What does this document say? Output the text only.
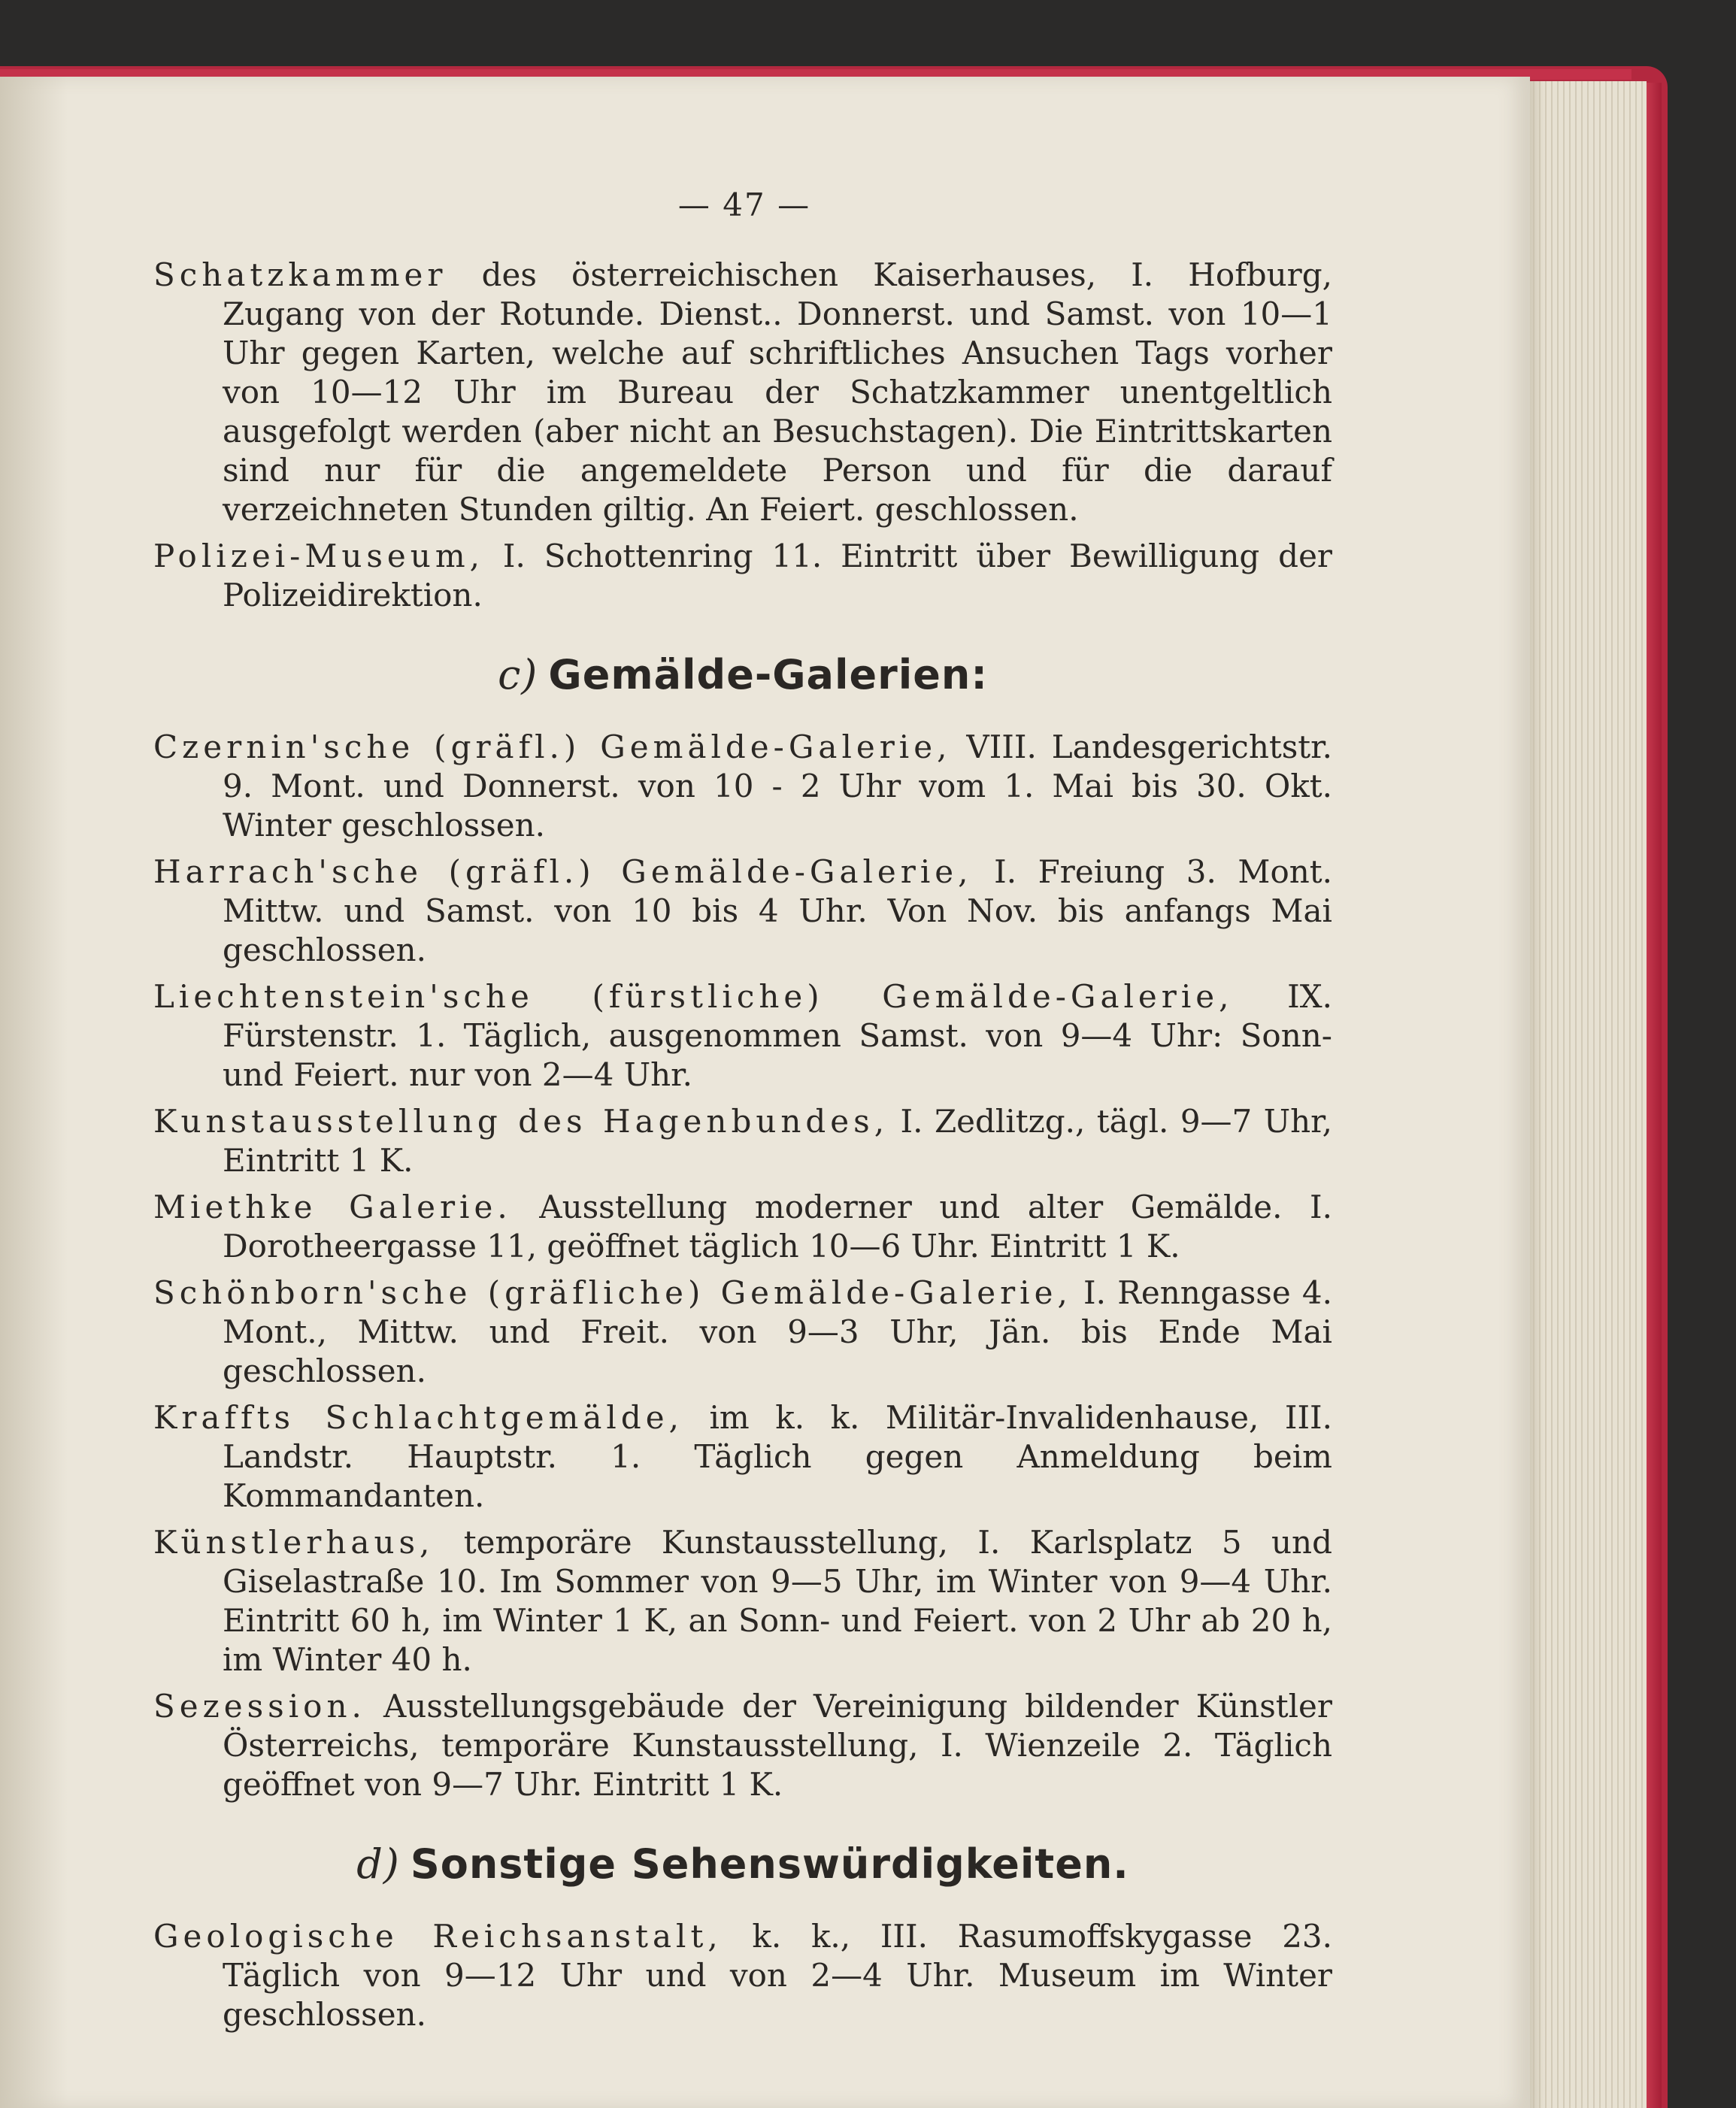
— 47 —

Schatzkammer des österreichischen Kaiserhauses, I. Hofburg, Zugang von der Rotunde. Dienst.. Donnerst. und Samst. von 10—1 Uhr gegen Karten, welche auf schriftliches Ansuchen Tags vorher von 10—12 Uhr im Bureau der Schatzkammer unentgeltlich ausgefolgt werden (aber nicht an Besuchstagen). Die Eintrittskarten sind nur für die angemeldete Person und für die darauf verzeichneten Stunden giltig. An Feiert. geschlossen.

Polizei-Museum, I. Schottenring 11. Eintritt über Bewilligung der Polizeidirektion.

c) Gemälde-Galerien:

Czernin'sche (gräfl.) Gemälde-Galerie, VIII. Landesgerichtstr. 9. Mont. und Donnerst. von 10 - 2 Uhr vom 1. Mai bis 30. Okt. Winter geschlossen.

Harrach'sche (gräfl.) Gemälde-Galerie, I. Freiung 3. Mont. Mittw. und Samst. von 10 bis 4 Uhr. Von Nov. bis anfangs Mai geschlossen.

Liechtenstein'sche (fürstliche) Gemälde-Galerie, IX. Fürstenstr. 1. Täglich, ausgenommen Samst. von 9—4 Uhr: Sonn- und Feiert. nur von 2—4 Uhr.

Kunstausstellung des Hagenbundes, I. Zedlitzg., tägl. 9—7 Uhr, Eintritt 1 K.

Miethke Galerie. Ausstellung moderner und alter Gemälde. I. Dorotheergasse 11, geöffnet täglich 10—6 Uhr. Eintritt 1 K.

Schönborn'sche (gräfliche) Gemälde-Galerie, I. Renngasse 4. Mont., Mittw. und Freit. von 9—3 Uhr, Jän. bis Ende Mai geschlossen.

Kraffts Schlachtgemälde, im k. k. Militär-Invalidenhause, III. Landstr. Hauptstr. 1. Täglich gegen Anmeldung beim Kommandanten.

Künstlerhaus, temporäre Kunstausstellung, I. Karlsplatz 5 und Giselastraße 10. Im Sommer von 9—5 Uhr, im Winter von 9—4 Uhr. Eintritt 60 h, im Winter 1 K, an Sonn- und Feiert. von 2 Uhr ab 20 h, im Winter 40 h.

Sezession. Ausstellungsgebäude der Vereinigung bildender Künstler Österreichs, temporäre Kunstausstellung, I. Wienzeile 2. Täglich geöffnet von 9—7 Uhr. Eintritt 1 K.

d) Sonstige Sehenswürdigkeiten.

Geologische Reichsanstalt, k. k., III. Rasumoffskygasse 23. Täglich von 9—12 Uhr und von 2—4 Uhr. Museum im Winter geschlossen.
